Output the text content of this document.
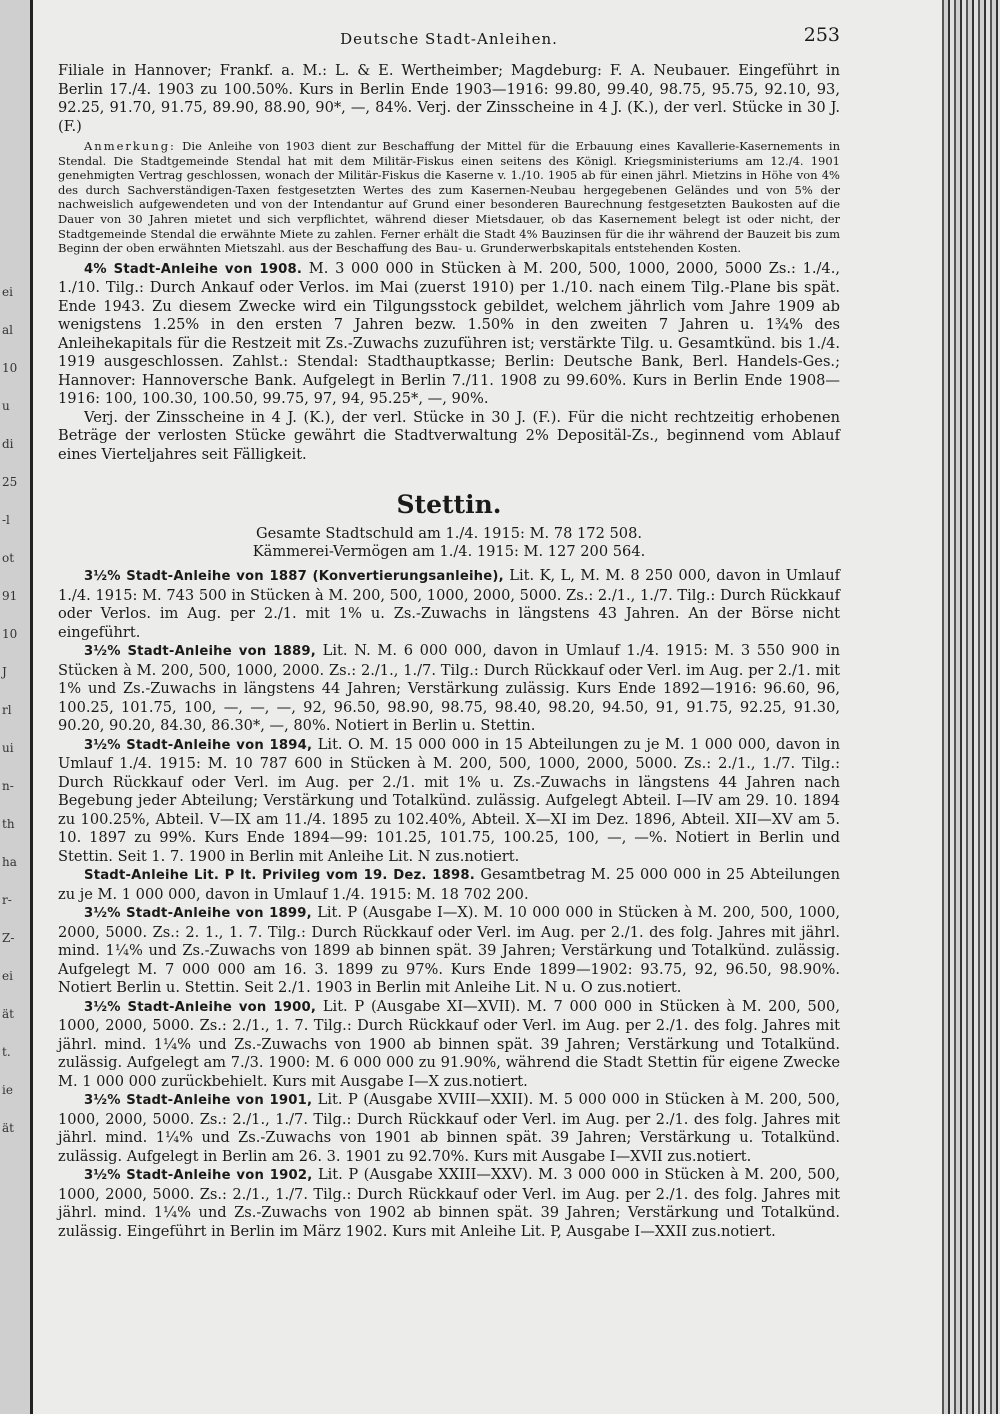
ei
al
10
u
di
25
-l
ot
91
10
J
rl
ui
n-
th
ha
r-
Z-
ei
ät
t.
ie
ät
Deutsche Stadt-Anleihen.	253

Filiale in Hannover; Frankf. a. M.: L. & E. Wertheimber; Magdeburg: F. A. Neubauer. Eingeführt in Berlin 17./4. 1903 zu 100.50%. Kurs in Berlin Ende 1903—1916: 99.80, 99.40, 98.75, 95.75, 92.10, 93, 92.25, 91.70, 91.75, 89.90, 88.90, 90*, —, 84%. Verj. der Zinsscheine in 4 J. (K.), der verl. Stücke in 30 J. (F.)

Anmerkung: Die Anleihe von 1903 dient zur Beschaffung der Mittel für die Erbauung eines Kavallerie-Kasernements in Stendal. Die Stadtgemeinde Stendal hat mit dem Militär-Fiskus einen seitens des Königl. Kriegsministeriums am 12./4. 1901 genehmigten Vertrag geschlossen, wonach der Militär-Fiskus die Kaserne v. 1./10. 1905 ab für einen jährl. Mietzins in Höhe von 4% des durch Sachverständigen-Taxen festgesetzten Wertes des zum Kasernen-Neubau hergegebenen Geländes und von 5% der nachweislich aufgewendeten und von der Intendantur auf Grund einer besonderen Baurechnung festgesetzten Baukosten auf die Dauer von 30 Jahren mietet und sich verpflichtet, während dieser Mietsdauer, ob das Kasernement belegt ist oder nicht, der Stadtgemeinde Stendal die erwähnte Miete zu zahlen. Ferner erhält die Stadt 4% Bauzinsen für die ihr während der Bauzeit bis zum Beginn der oben erwähnten Mietszahl. aus der Beschaffung des Bau- u. Grunderwerbskapitals entstehenden Kosten.

4% Stadt-Anleihe von 1908. M. 3 000 000 in Stücken à M. 200, 500, 1000, 2000, 5000 Zs.: 1./4., 1./10. Tilg.: Durch Ankauf oder Verlos. im Mai (zuerst 1910) per 1./10. nach einem Tilg.-Plane bis spät. Ende 1943. Zu diesem Zwecke wird ein Tilgungsstock gebildet, welchem jährlich vom Jahre 1909 ab wenigstens 1.25% in den ersten 7 Jahren bezw. 1.50% in den zweiten 7 Jahren u. 1¾% des Anleihekapitals für die Restzeit mit Zs.-Zuwachs zuzuführen ist; verstärkte Tilg. u. Gesamtkünd. bis 1./4. 1919 ausgeschlossen. Zahlst.: Stendal: Stadthauptkasse; Berlin: Deutsche Bank, Berl. Handels-Ges.; Hannover: Hannoversche Bank. Aufgelegt in Berlin 7./11. 1908 zu 99.60%. Kurs in Berlin Ende 1908—1916: 100, 100.30, 100.50, 99.75, 97, 94, 95.25*, —, 90%.

Verj. der Zinsscheine in 4 J. (K.), der verl. Stücke in 30 J. (F.). Für die nicht rechtzeitig erhobenen Beträge der verlosten Stücke gewährt die Stadtverwaltung 2% Depositäl-Zs., beginnend vom Ablauf eines Vierteljahres seit Fälligkeit.

Stettin.
Gesamte Stadtschuld am 1./4. 1915: M. 78 172 508.
Kämmerei-Vermögen am 1./4. 1915: M. 127 200 564.

3½% Stadt-Anleihe von 1887 (Konvertierungsanleihe), Lit. K, L, M. M. 8 250 000, davon in Umlauf 1./4. 1915: M. 743 500 in Stücken à M. 200, 500, 1000, 2000, 5000. Zs.: 2./1., 1./7. Tilg.: Durch Rückkauf oder Verlos. im Aug. per 2./1. mit 1% u. Zs.-Zuwachs in längstens 43 Jahren. An der Börse nicht eingeführt.

3½% Stadt-Anleihe von 1889, Lit. N. M. 6 000 000, davon in Umlauf 1./4. 1915: M. 3 550 900 in Stücken à M. 200, 500, 1000, 2000. Zs.: 2./1., 1./7. Tilg.: Durch Rückkauf oder Verl. im Aug. per 2./1. mit 1% und Zs.-Zuwachs in längstens 44 Jahren; Verstärkung zulässig. Kurs Ende 1892—1916: 96.60, 96, 100.25, 101.75, 100, —, —, —, 92, 96.50, 98.90, 98.75, 98.40, 98.20, 94.50, 91, 91.75, 92.25, 91.30, 90.20, 90.20, 84.30, 86.30*, —, 80%. Notiert in Berlin u. Stettin.

3½% Stadt-Anleihe von 1894, Lit. O. M. 15 000 000 in 15 Abteilungen zu je M. 1 000 000, davon in Umlauf 1./4. 1915: M. 10 787 600 in Stücken à M. 200, 500, 1000, 2000, 5000. Zs.: 2./1., 1./7. Tilg.: Durch Rückkauf oder Verl. im Aug. per 2./1. mit 1% u. Zs.-Zuwachs in längstens 44 Jahren nach Begebung jeder Abteilung; Verstärkung und Totalkünd. zulässig. Aufgelegt Abteil. I—IV am 29. 10. 1894 zu 100.25%, Abteil. V—IX am 11./4. 1895 zu 102.40%, Abteil. X—XI im Dez. 1896, Abteil. XII—XV am 5. 10. 1897 zu 99%. Kurs Ende 1894—99: 101.25, 101.75, 100.25, 100, —, —%. Notiert in Berlin und Stettin. Seit 1. 7. 1900 in Berlin mit Anleihe Lit. N zus.notiert.

Stadt-Anleihe Lit. P lt. Privileg vom 19. Dez. 1898. Gesamtbetrag M. 25 000 000 in 25 Abteilungen zu je M. 1 000 000, davon in Umlauf 1./4. 1915: M. 18 702 200.

3½% Stadt-Anleihe von 1899, Lit. P (Ausgabe I—X). M. 10 000 000 in Stücken à M. 200, 500, 1000, 2000, 5000. Zs.: 2. 1., 1. 7. Tilg.: Durch Rückkauf oder Verl. im Aug. per 2./1. des folg. Jahres mit jährl. mind. 1¼% und Zs.-Zuwachs von 1899 ab binnen spät. 39 Jahren; Verstärkung und Totalkünd. zulässig. Aufgelegt M. 7 000 000 am 16. 3. 1899 zu 97%. Kurs Ende 1899—1902: 93.75, 92, 96.50, 98.90%. Notiert Berlin u. Stettin. Seit 2./1. 1903 in Berlin mit Anleihe Lit. N u. O zus.notiert.

3½% Stadt-Anleihe von 1900, Lit. P (Ausgabe XI—XVII). M. 7 000 000 in Stücken à M. 200, 500, 1000, 2000, 5000. Zs.: 2./1., 1. 7. Tilg.: Durch Rückkauf oder Verl. im Aug. per 2./1. des folg. Jahres mit jährl. mind. 1¼% und Zs.-Zuwachs von 1900 ab binnen spät. 39 Jahren; Verstärkung und Totalkünd. zulässig. Aufgelegt am 7./3. 1900: M. 6 000 000 zu 91.90%, während die Stadt Stettin für eigene Zwecke M. 1 000 000 zurückbehielt. Kurs mit Ausgabe I—X zus.notiert.

3½% Stadt-Anleihe von 1901, Lit. P (Ausgabe XVIII—XXII). M. 5 000 000 in Stücken à M. 200, 500, 1000, 2000, 5000. Zs.: 2./1., 1./7. Tilg.: Durch Rückkauf oder Verl. im Aug. per 2./1. des folg. Jahres mit jährl. mind. 1¼% und Zs.-Zuwachs von 1901 ab binnen spät. 39 Jahren; Verstärkung u. Totalkünd. zulässig. Aufgelegt in Berlin am 26. 3. 1901 zu 92.70%. Kurs mit Ausgabe I—XVII zus.notiert.

3½% Stadt-Anleihe von 1902, Lit. P (Ausgabe XXIII—XXV). M. 3 000 000 in Stücken à M. 200, 500, 1000, 2000, 5000. Zs.: 2./1., 1./7. Tilg.: Durch Rückkauf oder Verl. im Aug. per 2./1. des folg. Jahres mit jährl. mind. 1¼% und Zs.-Zuwachs von 1902 ab binnen spät. 39 Jahren; Verstärkung und Totalkünd. zulässig. Eingeführt in Berlin im März 1902. Kurs mit Anleihe Lit. P, Ausgabe I—XXII zus.notiert.
